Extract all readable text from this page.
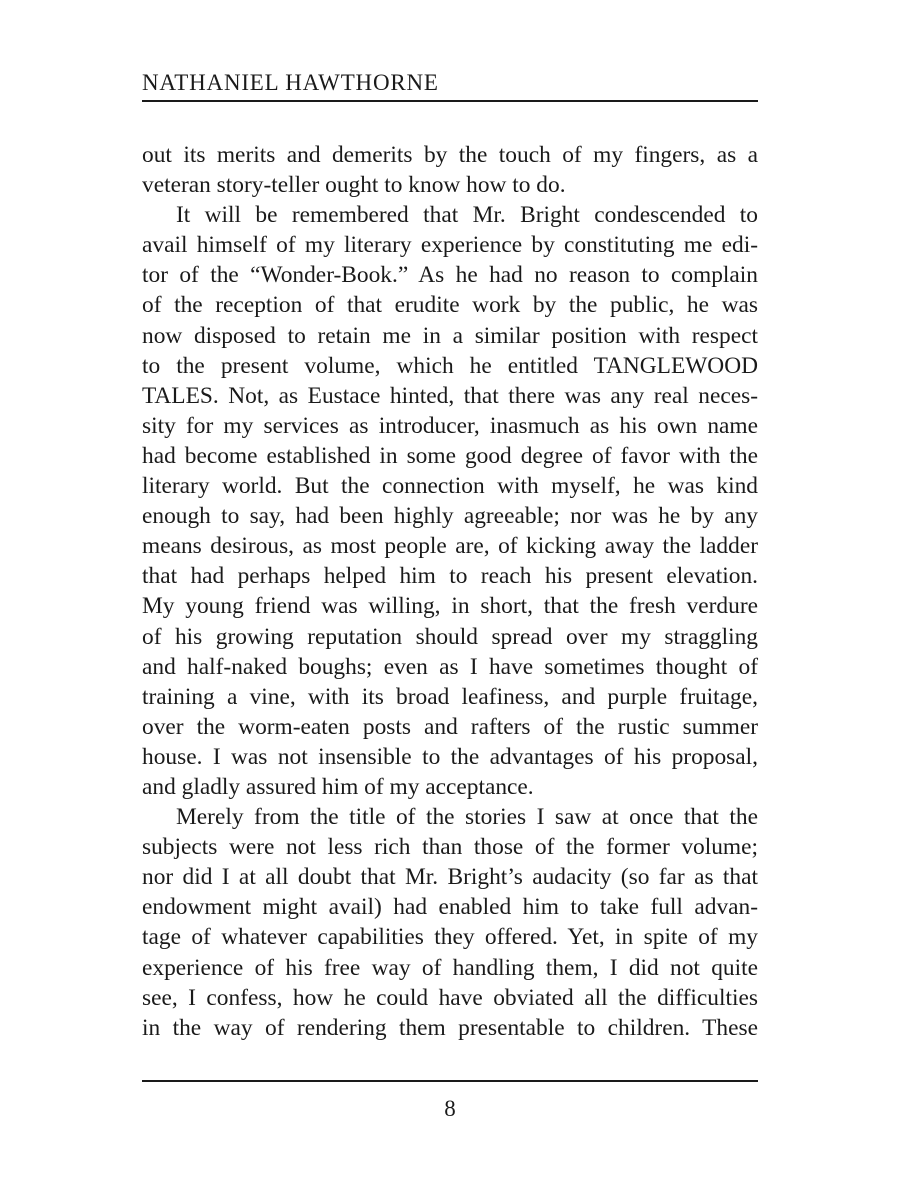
NATHANIEL HAWTHORNE
out its merits and demerits by the touch of my fingers, as a
veteran story-teller ought to know how to do.
It will be remembered that Mr. Bright condescended to
avail himself of my literary experience by constituting me edi-
tor of the “Wonder-Book.” As he had no reason to complain
of the reception of that erudite work by the public, he was
now disposed to retain me in a similar position with respect
to the present volume, which he entitled TANGLEWOOD
TALES. Not, as Eustace hinted, that there was any real neces-
sity for my services as introducer, inasmuch as his own name
had become established in some good degree of favor with the
literary world. But the connection with myself, he was kind
enough to say, had been highly agreeable; nor was he by any
means desirous, as most people are, of kicking away the ladder
that had perhaps helped him to reach his present elevation.
My young friend was willing, in short, that the fresh verdure
of his growing reputation should spread over my straggling
and half-naked boughs; even as I have sometimes thought of
training a vine, with its broad leafiness, and purple fruitage,
over the worm-eaten posts and rafters of the rustic summer
house. I was not insensible to the advantages of his proposal,
and gladly assured him of my acceptance.
Merely from the title of the stories I saw at once that the
subjects were not less rich than those of the former volume;
nor did I at all doubt that Mr. Bright’s audacity (so far as that
endowment might avail) had enabled him to take full advan-
tage of whatever capabilities they offered. Yet, in spite of my
experience of his free way of handling them, I did not quite
see, I confess, how he could have obviated all the difficulties
in the way of rendering them presentable to children. These
8
